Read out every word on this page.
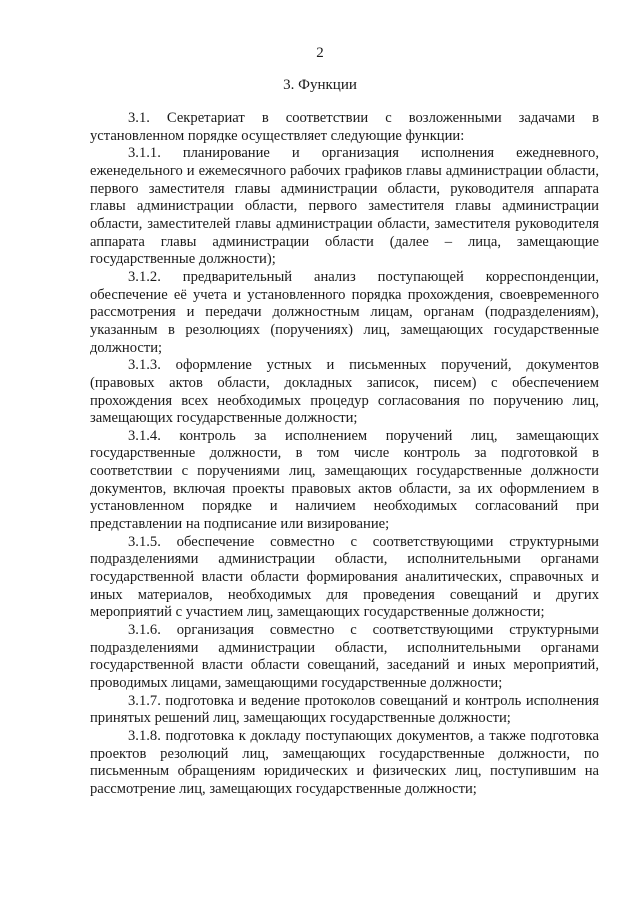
2
3. Функции

3.1. Секретариат в соответствии с возложенными задачами в установленном порядке осуществляет следующие функции:

3.1.1. планирование и организация исполнения ежедневного, еженедельного и ежемесячного рабочих графиков главы администрации области, первого заместителя главы администрации области, руководителя аппарата главы администрации области, первого заместителя главы администрации области, заместителей главы администрации области, заместителя руководителя аппарата главы администрации области (далее – лица, замещающие государственные должности);

3.1.2. предварительный анализ поступающей корреспонденции, обеспечение её учета и установленного порядка прохождения, своевременного рассмотрения и передачи должностным лицам, органам (подразделениям), указанным в резолюциях (поручениях) лиц, замещающих государственные должности;

3.1.3. оформление устных и письменных поручений, документов (правовых актов области, докладных записок, писем) с обеспечением прохождения всех необходимых процедур согласования по поручению лиц, замещающих государственные должности;

3.1.4. контроль за исполнением поручений лиц, замещающих государственные должности, в том числе контроль за подготовкой в соответствии с поручениями лиц, замещающих государственные должности документов, включая проекты правовых актов области, за их оформлением в установленном порядке и наличием необходимых согласований при представлении на подписание или визирование;

3.1.5. обеспечение совместно с соответствующими структурными подразделениями администрации области, исполнительными органами государственной власти области формирования аналитических, справочных и иных материалов, необходимых для проведения совещаний и других мероприятий с участием лиц, замещающих государственные должности;

3.1.6. организация совместно с соответствующими структурными подразделениями администрации области, исполнительными органами государственной власти области совещаний, заседаний и иных мероприятий, проводимых лицами, замещающими государственные должности;

3.1.7. подготовка и ведение протоколов совещаний и контроль исполнения принятых решений лиц, замещающих государственные должности;

3.1.8. подготовка к докладу поступающих документов, а также подготовка проектов резолюций лиц, замещающих государственные должности, по письменным обращениям юридических и физических лиц, поступившим на рассмотрение лиц, замещающих государственные должности;
